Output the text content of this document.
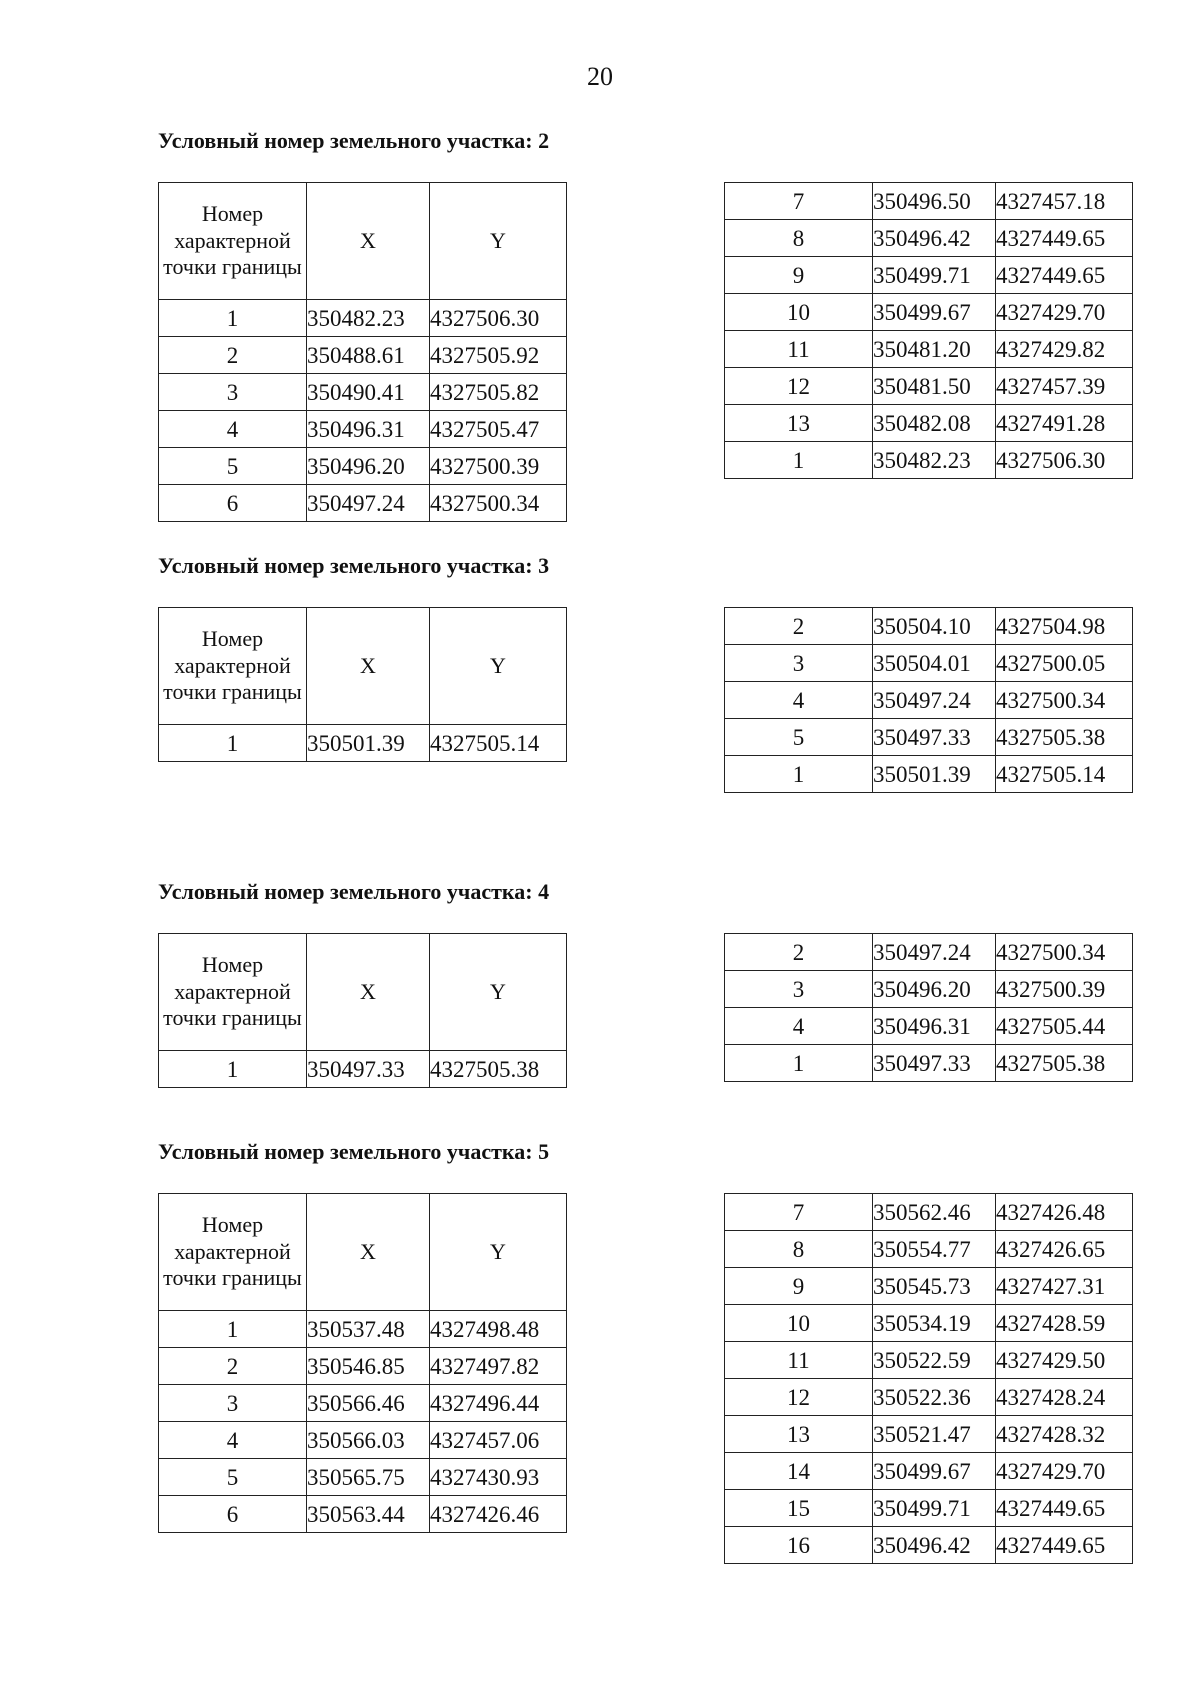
20
Условный номер земельного участка: 2
Номер характерной точки границы	X	Y
1	350482.23	4327506.30
2	350488.61	4327505.92
3	350490.41	4327505.82
4	350496.31	4327505.47
5	350496.20	4327500.39
6	350497.24	4327500.34
7	350496.50	4327457.18
8	350496.42	4327449.65
9	350499.71	4327449.65
10	350499.67	4327429.70
11	350481.20	4327429.82
12	350481.50	4327457.39
13	350482.08	4327491.28
1	350482.23	4327506.30
Условный номер земельного участка: 3
Номер характерной точки границы	X	Y
1	350501.39	4327505.14
2	350504.10	4327504.98
3	350504.01	4327500.05
4	350497.24	4327500.34
5	350497.33	4327505.38
1	350501.39	4327505.14
Условный номер земельного участка: 4
Номер характерной точки границы	X	Y
1	350497.33	4327505.38
2	350497.24	4327500.34
3	350496.20	4327500.39
4	350496.31	4327505.44
1	350497.33	4327505.38
Условный номер земельного участка: 5
Номер характерной точки границы	X	Y
1	350537.48	4327498.48
2	350546.85	4327497.82
3	350566.46	4327496.44
4	350566.03	4327457.06
5	350565.75	4327430.93
6	350563.44	4327426.46
7	350562.46	4327426.48
8	350554.77	4327426.65
9	350545.73	4327427.31
10	350534.19	4327428.59
11	350522.59	4327429.50
12	350522.36	4327428.24
13	350521.47	4327428.32
14	350499.67	4327429.70
15	350499.71	4327449.65
16	350496.42	4327449.65
